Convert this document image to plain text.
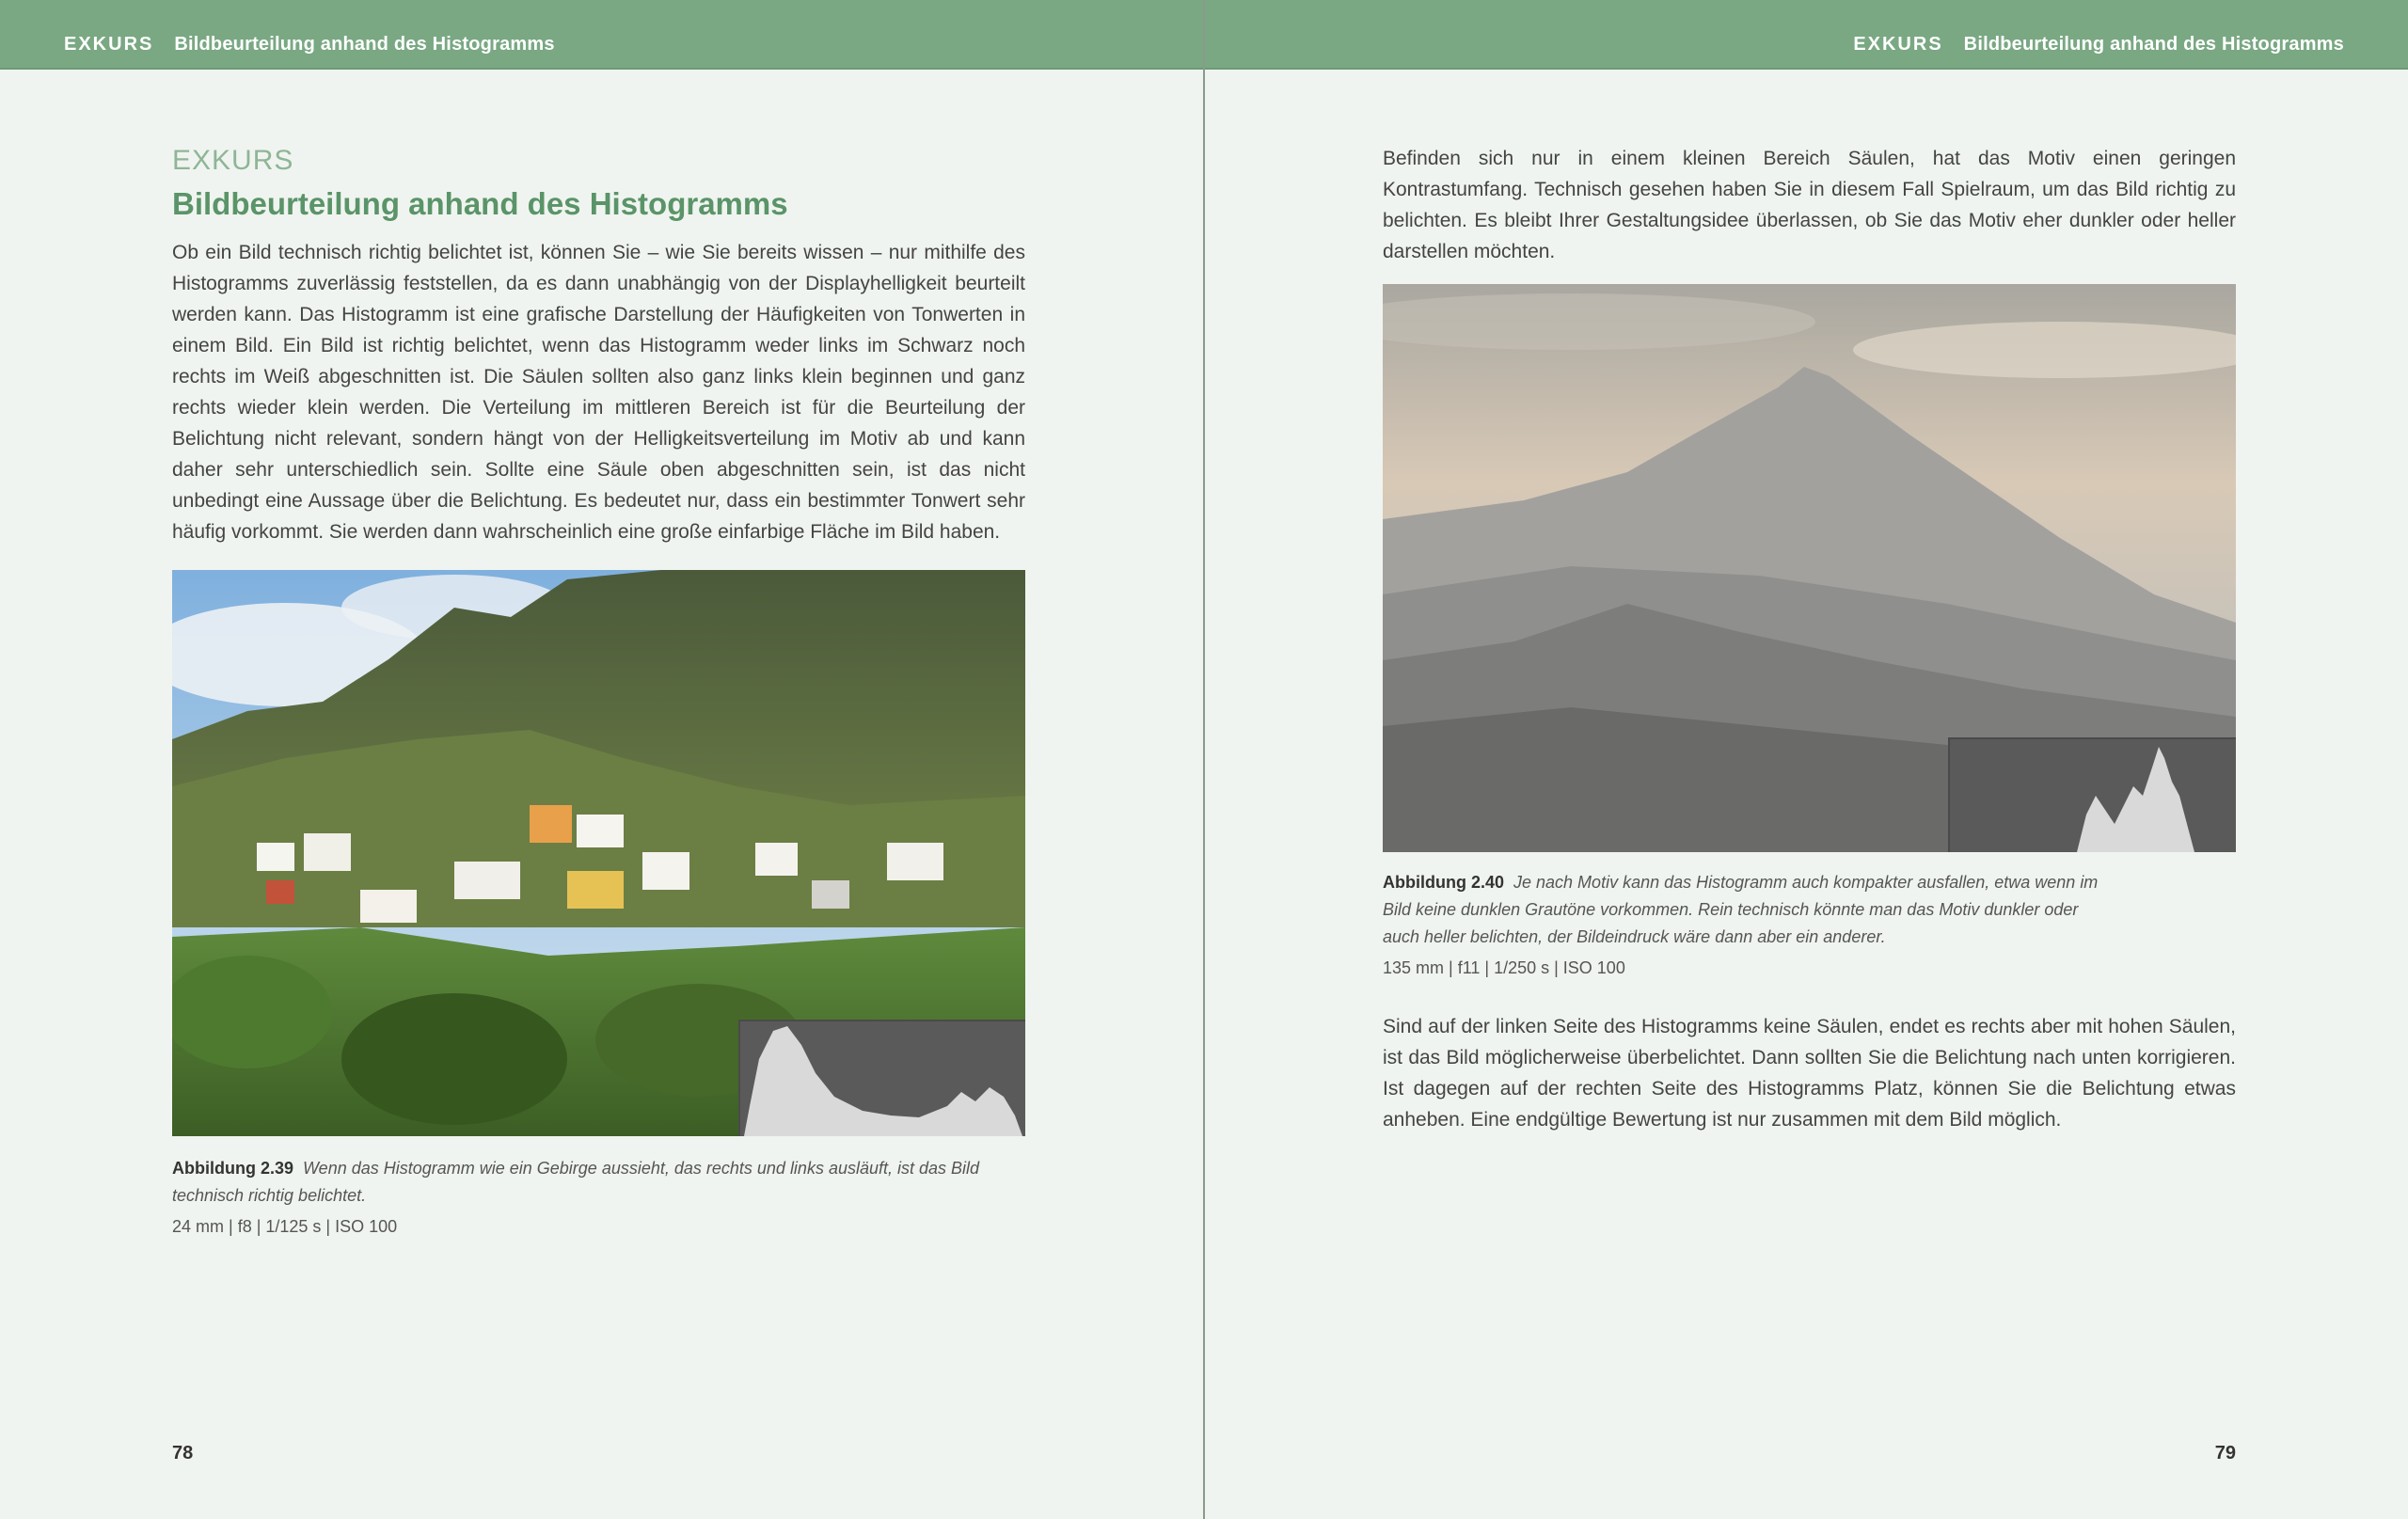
EXKURS Bildbeurteilung anhand des Histogramms

EXKURS

Bildbeurteilung anhand des Histogramms

Ob ein Bild technisch richtig belichtet ist, können Sie – wie Sie bereits wissen – nur mithilfe des Histogramms zuverlässig feststellen, da es dann unabhängig von der Displayhelligkeit beurteilt werden kann. Das Histogramm ist eine grafische Darstellung der Häufigkeiten von Tonwerten in einem Bild. Ein Bild ist richtig belichtet, wenn das Histogramm weder links im Schwarz noch rechts im Weiß abgeschnitten ist. Die Säulen sollten also ganz links klein beginnen und ganz rechts wieder klein werden. Die Verteilung im mittleren Bereich ist für die Beurteilung der Belichtung nicht relevant, sondern hängt von der Helligkeitsverteilung im Motiv ab und kann daher sehr unterschiedlich sein. Sollte eine Säule oben abgeschnitten sein, ist das nicht unbedingt eine Aussage über die Belichtung. Es bedeutet nur, dass ein bestimmter Tonwert sehr häufig vorkommt. Sie werden dann wahrscheinlich eine große einfarbige Fläche im Bild haben.

Abbildung 2.39 Wenn das Histogramm wie ein Gebirge aussieht, das rechts und links ausläuft, ist das Bild technisch richtig belichtet.
24 mm | f8 | 1/125 s | ISO 100
78
EXKURS Bildbeurteilung anhand des Histogramms

Befinden sich nur in einem kleinen Bereich Säulen, hat das Motiv einen geringen Kontrastumfang. Technisch gesehen haben Sie in diesem Fall Spielraum, um das Bild richtig zu belichten. Es bleibt Ihrer Gestaltungsidee überlassen, ob Sie das Motiv eher dunkler oder heller darstellen möchten.

Abbildung 2.40 Je nach Motiv kann das Histogramm auch kompakter ausfallen, etwa wenn im Bild keine dunklen Grautöne vorkommen. Rein technisch könnte man das Motiv dunkler oder auch heller belichten, der Bildeindruck wäre dann aber ein anderer.
135 mm | f11 | 1/250 s | ISO 100

Sind auf der linken Seite des Histogramms keine Säulen, endet es rechts aber mit hohen Säulen, ist das Bild möglicherweise überbelichtet. Dann sollten Sie die Belichtung nach unten korrigieren. Ist dagegen auf der rechten Seite des Histogramms Platz, können Sie die Belichtung etwas anheben. Eine endgültige Bewertung ist nur zusammen mit dem Bild möglich.

79
